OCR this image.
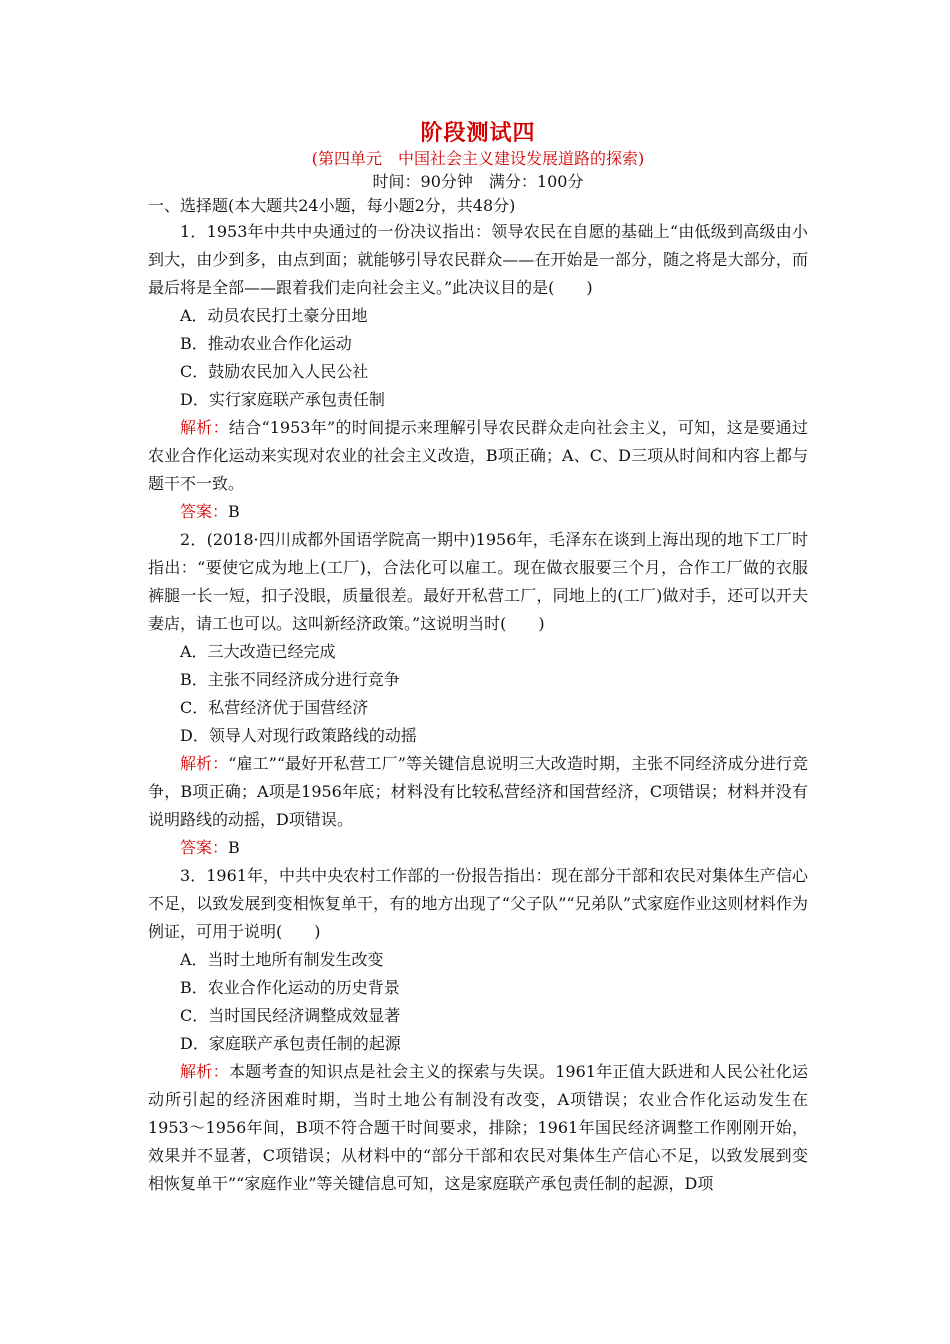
阶段测试四

(第四单元　中国社会主义建设发展道路的探索)

时间：90分钟　满分：100分

一、选择题(本大题共24小题，每小题2分，共48分)

1．1953年中共中央通过的一份决议指出：领导农民在自愿的基础上“由低级到高级由小到大，由少到多，由点到面；就能够引导农民群众——在开始是一部分，随之将是大部分，而最后将是全部——跟着我们走向社会主义。”此决议目的是(　　)

A．动员农民打土豪分田地
B．推动农业合作化运动
C．鼓励农民加入人民公社
D．实行家庭联产承包责任制

解析：结合“1953年”的时间提示来理解引导农民群众走向社会主义，可知，这是要通过农业合作化运动来实现对农业的社会主义改造，B项正确；A、C、D三项从时间和内容上都与题干不一致。

答案：B

2．(2018·四川成都外国语学院高一期中)1956年，毛泽东在谈到上海出现的地下工厂时指出：“要使它成为地上(工厂)，合法化可以雇工。现在做衣服要三个月，合作工厂做的衣服裤腿一长一短，扣子没眼，质量很差。最好开私营工厂，同地上的(工厂)做对手，还可以开夫妻店，请工也可以。这叫新经济政策。”这说明当时(　　)

A．三大改造已经完成
B．主张不同经济成分进行竞争
C．私营经济优于国营经济
D．领导人对现行政策路线的动摇

解析：“雇工”“最好开私营工厂”等关键信息说明三大改造时期，主张不同经济成分进行竞争，B项正确；A项是1956年底；材料没有比较私营经济和国营经济，C项错误；材料并没有说明路线的动摇，D项错误。

答案：B

3．1961年，中共中央农村工作部的一份报告指出：现在部分干部和农民对集体生产信心不足，以致发展到变相恢复单干，有的地方出现了“父子队”“兄弟队”式家庭作业这则材料作为例证，可用于说明(　　)

A．当时土地所有制发生改变
B．农业合作化运动的历史背景
C．当时国民经济调整成效显著
D．家庭联产承包责任制的起源

解析：本题考查的知识点是社会主义的探索与失误。1961年正值大跃进和人民公社化运动所引起的经济困难时期，当时土地公有制没有改变，A项错误；农业合作化运动发生在1953～1956年间，B项不符合题干时间要求，排除；1961年国民经济调整工作刚刚开始，效果并不显著，C项错误；从材料中的“部分干部和农民对集体生产信心不足，以致发展到变相恢复单干”“家庭作业”等关键信息可知，这是家庭联产承包责任制的起源，D项
